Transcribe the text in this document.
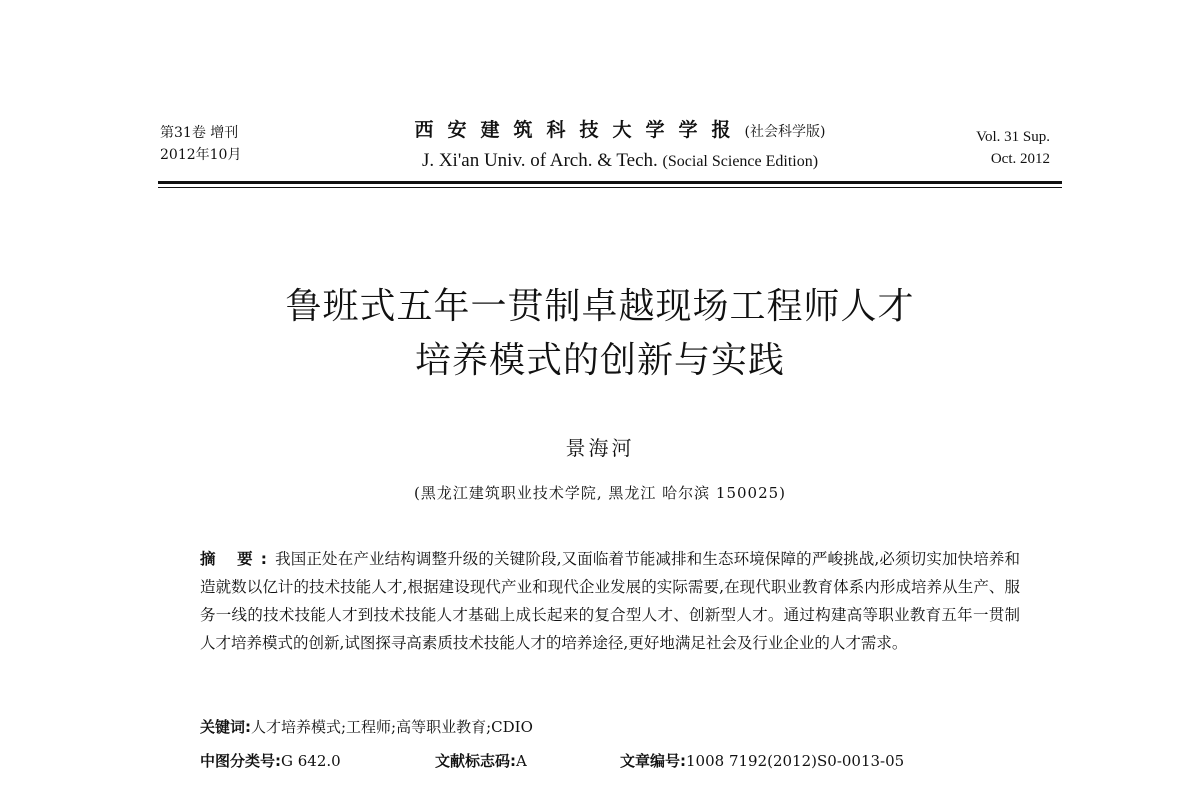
第31卷 增刊
2012年10月
西安建筑科技大学学报(社会科学版)
J. Xi'an Univ. of Arch. & Tech. (Social Science Edition)
Vol. 31 Sup.
Oct. 2012
鲁班式五年一贯制卓越现场工程师人才
培养模式的创新与实践
景海河
(黑龙江建筑职业技术学院, 黑龙江 哈尔滨 150025)
摘 要:我国正处在产业结构调整升级的关键阶段,又面临着节能减排和生态环境保障的严峻挑战,必须切实加快培养和造就数以亿计的技术技能人才,根据建设现代产业和现代企业发展的实际需要,在现代职业教育体系内形成培养从生产、服务一线的技术技能人才到技术技能人才基础上成长起来的复合型人才、创新型人才。通过构建高等职业教育五年一贯制人才培养模式的创新,试图探寻高素质技术技能人才的培养途径,更好地满足社会及行业企业的人才需求。
关键词:人才培养模式;工程师;高等职业教育;CDIO
中图分类号:G 642.0	文献标志码:A	文章编号:1008 7192(2012)S0-0013-05
